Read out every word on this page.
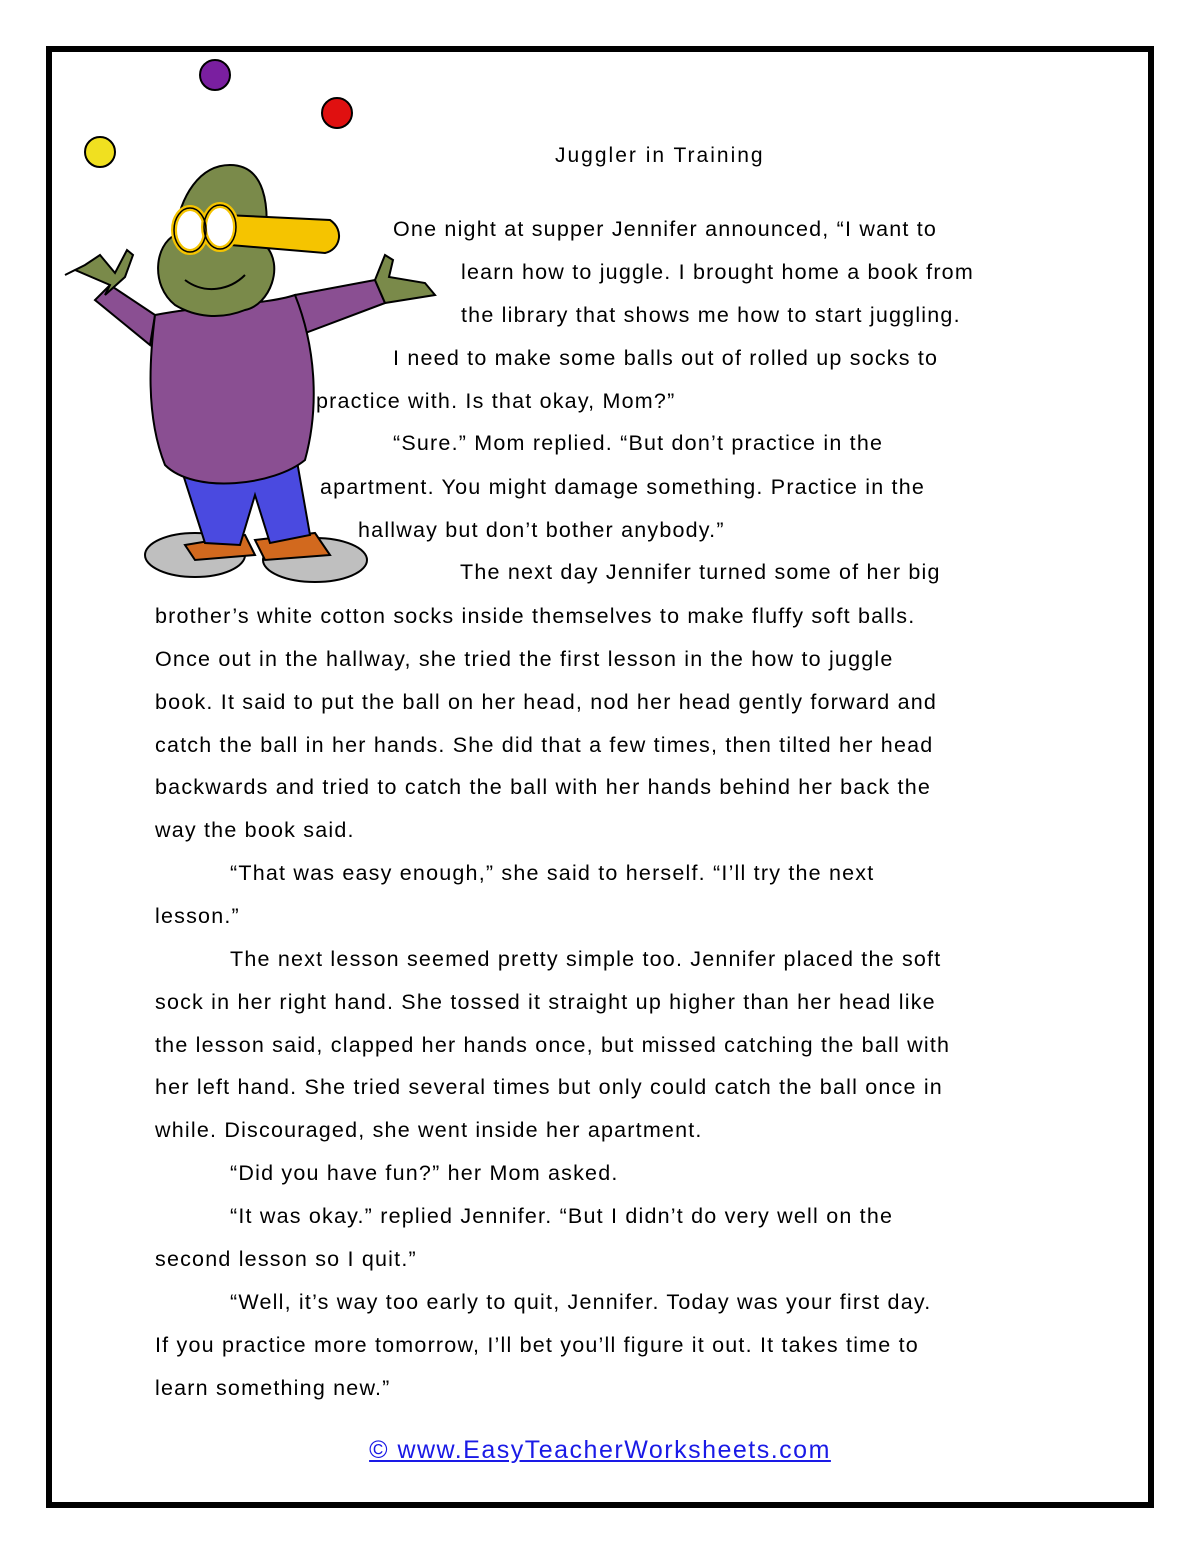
Juggler in Training
One night at supper Jennifer announced, “I want to
learn how to juggle. I brought home a book from
the library that shows me how to start juggling.
I need to make some balls out of rolled up socks to
practice with. Is that okay, Mom?”
“Sure.” Mom replied. “But don’t practice in the
apartment. You might damage something. Practice in the
hallway but don’t bother anybody.”
The next day Jennifer turned some of her big
brother’s white cotton socks inside themselves to make fluffy soft balls.
Once out in the hallway, she tried the first lesson in the how to juggle
book. It said to put the ball on her head, nod her head gently forward and
catch the ball in her hands. She did that a few times, then tilted her head
backwards and tried to catch the ball with her hands behind her back the
way the book said.
“That was easy enough,” she said to herself. “I’ll try the next
lesson.”
The next lesson seemed pretty simple too. Jennifer placed the soft
sock in her right hand. She tossed it straight up higher than her head like
the lesson said, clapped her hands once, but missed catching the ball with
her left hand. She tried several times but only could catch the ball once in
while. Discouraged, she went inside her apartment.
“Did you have fun?” her Mom asked.
“It was okay.” replied Jennifer. “But I didn’t do very well on the
second lesson so I quit.”
“Well, it’s way too early to quit, Jennifer. Today was your first day.
If you practice more tomorrow, I’ll bet you’ll figure it out. It takes time to
learn something new.”
© www.EasyTeacherWorksheets.com
